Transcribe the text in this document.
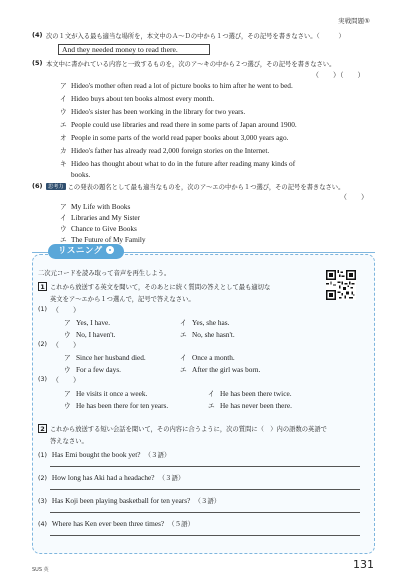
実戦問題⑤
(4) 次の１文が入る最も適当な場所を，本文中のＡ～Ｄの中から１つ選び，その記号を書きなさい。（　　　）
And they needed money to read there.
(5) 本文中に書かれている内容と一致するものを，次のア～キの中から２つ選び，その記号を書きなさい。
（　　）（　　）
ア Hideo's mother often read a lot of picture books to him after he went to bed.
イ Hideo buys about ten books almost every month.
ウ Hideo's sister has been working in the library for two years.
エ People could use libraries and read there in some parts of Japan around 1900.
オ People in some parts of the world read paper books about 3,000 years ago.
カ Hideo's father has already read 2,000 foreign stories on the Internet.
キ Hideo has thought about what to do in the future after reading many kinds of
books.
(6)	思考力 この発表の題名として最も適当なものを，次のア～エの中から１つ選び，その記号を書きなさい。
（　　）
ア My Life with Books
イ Libraries and My Sister
ウ Chance to Give Books
エ The Future of My Family
リスニング
二次元コードを読み取って音声を再生しよう。
1 これから放送する英文を聞いて，そのあとに続く質問の答えとして最も適切な
英文をア～エから１つ選んで，記号で答えなさい。
(1) （　　）
ア Yes, I have.	イ Yes, she has.
ウ No, I haven't.	エ No, she hasn't.
(2) （　　）
ア Since her husband died.	イ Once a month.
ウ For a few days.	エ After the girl was born.
(3) （　　）
ア He visits it once a week.	イ He has been there twice.
ウ He has been there for ten years.	エ He has never been there.
2 これから放送する短い会話を聞いて，その内容に合うように，次の質問に（　）内の語数の英語で
答えなさい。
(1) Has Emi bought the book yet? （３語）
(2) How long has Aki had a headache? （３語）
(3) Has Koji been playing basketball for ten years? （３語）
(4) Where has Ken ever been three times? （５語）
SUS 英	131
